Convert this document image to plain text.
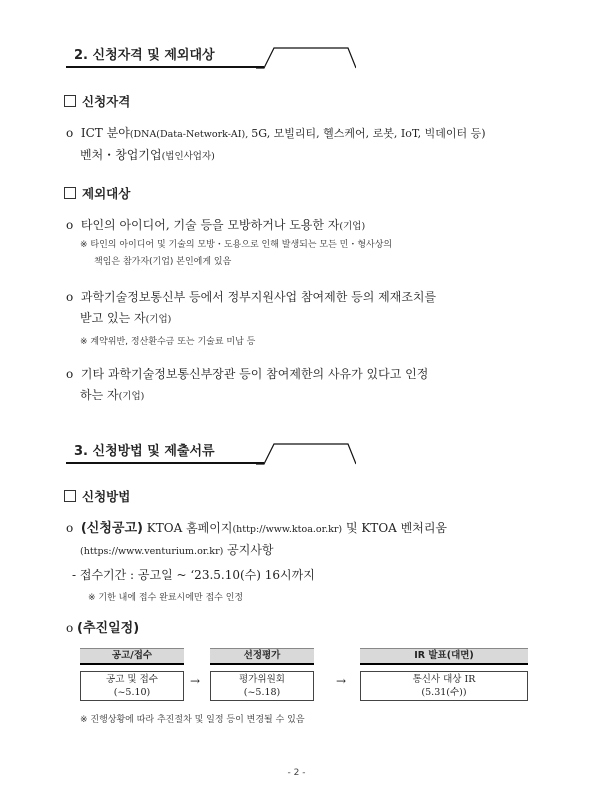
2. 신청자격 및 제외대상
신청자격
o ICT 분야(DNA(Data-Network-AI), 5G, 모빌리티, 헬스케어, 로봇, IoT, 빅데이터 등)
벤처・창업기업(법인사업자)
제외대상
o  타인의 아이디어, 기술 등을 모방하거나 도용한 자(기업)
※ 타인의 아이디어 및 기술의 모방・도용으로 인해 발생되는 모든 민・형사상의
책임은 참가자(기업) 본인에게 있음
o  과학기술정보통신부 등에서 정부지원사업 참여제한 등의 제재조치를
받고 있는 자(기업)
※ 계약위반, 정산환수금 또는 기술료 미납 등
o  기타 과학기술정보통신부장관 등이 참여제한의 사유가 있다고 인정
하는 자(기업)
3. 신청방법 및 제출서류
신청방법
o  (신청공고) KTOA 홈페이지(http://www.ktoa.or.kr) 및 KTOA 벤처리움
(https://www.venturium.or.kr) 공지사항
- 접수기간 : 공고일 ~ ‘23.5.10(수) 16시까지
※ 기한 내에 접수 완료시에만 접수 인정
o (추진일정)
공고/접수
공고 및 접수
(~5.10)
→
선정평가
평가위원회
(~5.18)
→
IR 발표(대면)
통신사 대상 IR
(5.31(수))
※ 진행상황에 따라 추진절차 및 일정 등이 변경될 수 있음
- 2 -
